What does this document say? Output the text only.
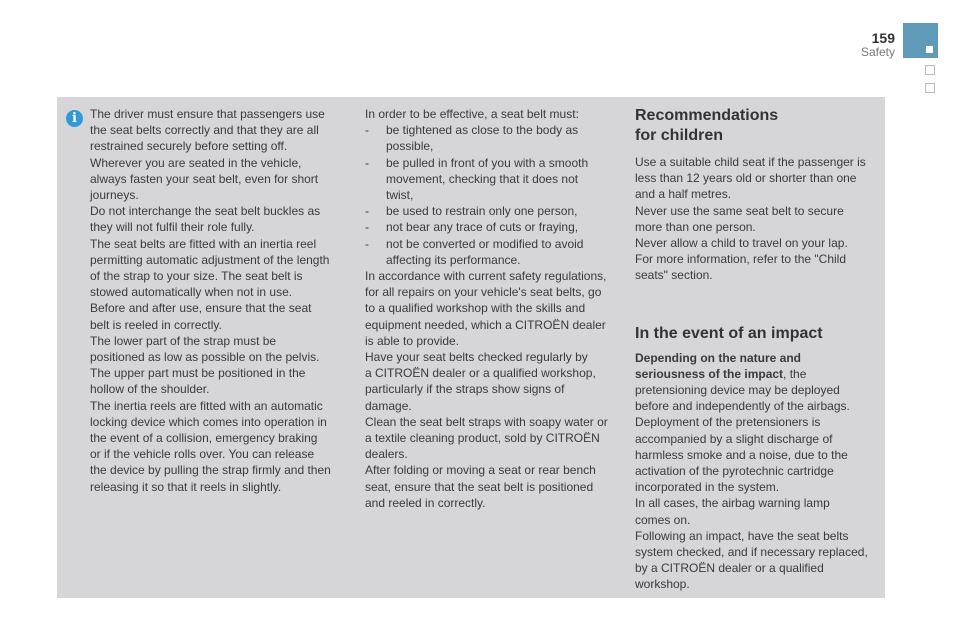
159
Safety
i	The driver must ensure that passengers use
the seat belts correctly and that they are all
restrained securely before setting off.
Wherever you are seated in the vehicle,
always fasten your seat belt, even for short
journeys.
Do not interchange the seat belt buckles as
they will not fulfil their role fully.
The seat belts are fitted with an inertia reel
permitting automatic adjustment of the length
of the strap to your size. The seat belt is
stowed automatically when not in use.
Before and after use, ensure that the seat
belt is reeled in correctly.
The lower part of the strap must be
positioned as low as possible on the pelvis.
The upper part must be positioned in the
hollow of the shoulder.
The inertia reels are fitted with an automatic
locking device which comes into operation in
the event of a collision, emergency braking
or if the vehicle rolls over. You can release
the device by pulling the strap firmly and then
releasing it so that it reels in slightly.
In order to be effective, a seat belt must:
-	be tightened as close to the body as
possible,
-	be pulled in front of you with a smooth
movement, checking that it does not
twist,
-	be used to restrain only one person,
-	not bear any trace of cuts or fraying,
-	not be converted or modified to avoid
affecting its performance.
In accordance with current safety regulations,
for all repairs on your vehicle's seat belts, go
to a qualified workshop with the skills and
equipment needed, which a CITROËN dealer
is able to provide.
Have your seat belts checked regularly by
a CITROËN dealer or a qualified workshop,
particularly if the straps show signs of
damage.
Clean the seat belt straps with soapy water or
a textile cleaning product, sold by CITROËN
dealers.
After folding or moving a seat or rear bench
seat, ensure that the seat belt is positioned
and reeled in correctly.
Recommendations
for children
Use a suitable child seat if the passenger is
less than 12 years old or shorter than one
and a half metres.
Never use the same seat belt to secure
more than one person.
Never allow a child to travel on your lap.
For more information, refer to the "Child
seats" section.
In the event of an impact
Depending on the nature and
seriousness of the impact, the
pretensioning device may be deployed
before and independently of the airbags.
Deployment of the pretensioners is
accompanied by a slight discharge of
harmless smoke and a noise, due to the
activation of the pyrotechnic cartridge
incorporated in the system.
In all cases, the airbag warning lamp
comes on.
Following an impact, have the seat belts
system checked, and if necessary replaced,
by a CITROËN dealer or a qualified
workshop.
